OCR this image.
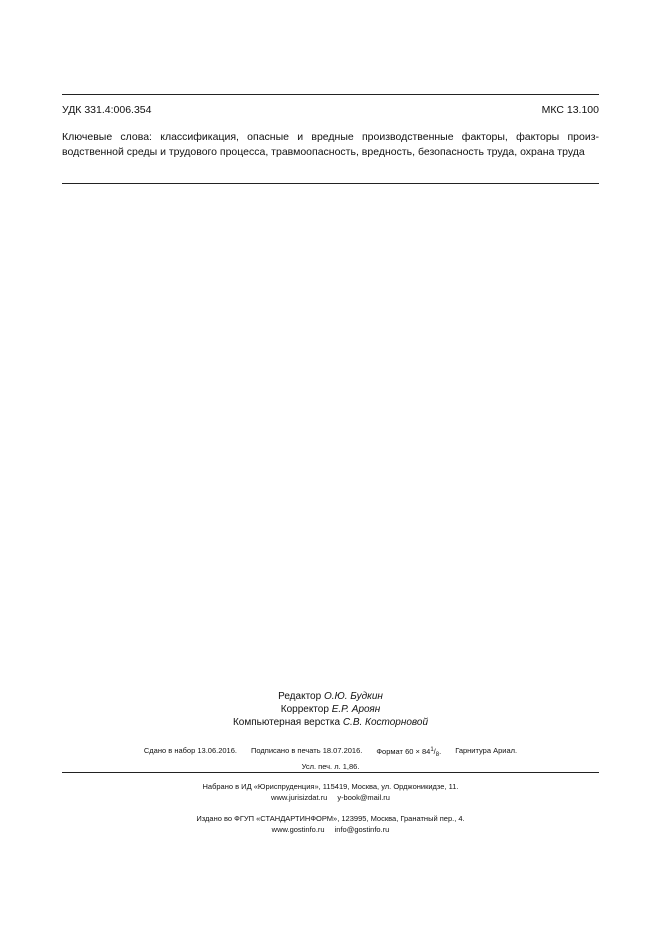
УДК 331.4:006.354	МКС 13.100
Ключевые слова: классификация, опасные и вредные производственные факторы, факторы произ-водственной среды и трудового процесса, травмоопасность, вредность, безопасность труда, охрана труда
Редактор О.Ю. Будкин
Корректор Е.Р. Ароян
Компьютерная верстка С.В. Косторновой
Сдано в набор 13.06.2016. Подписано в печать 18.07.2016. Формат $60 \times 84^1/_8$. Гарнитура Ариал.
Усл. печ. л. 1,86.
Набрано в ИД «Юриспруденция», 115419, Москва, ул. Орджоникидзе, 11.
www.jurisizdat.ru y-book@mail.ru
Издано во ФГУП «СТАНДАРТИНФОРМ», 123995, Москва, Гранатный пер., 4.
www.gostinfo.ru info@gostinfo.ru
